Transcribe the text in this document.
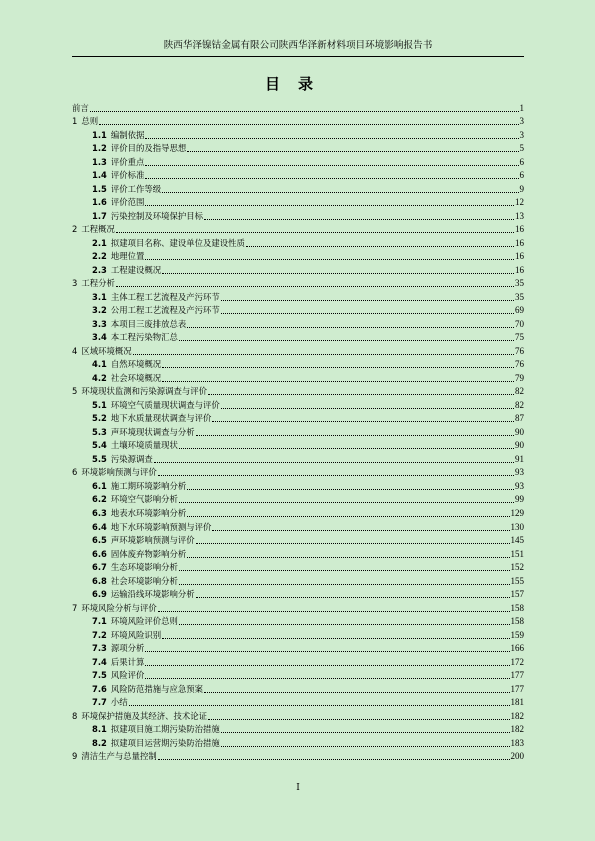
陕西华泽镍钴金属有限公司陕西华泽新材料项目环境影响报告书
目录
前言	1
1 总则	3
1.1 编制依据	3
1.2 评价目的及指导思想	5
1.3 评价重点	6
1.4 评价标准	6
1.5 评价工作等级	9
1.6 评价范围	12
1.7 污染控制及环境保护目标	13
2 工程概况	16
2.1 拟建项目名称、建设单位及建设性质	16
2.2 地理位置	16
2.3 工程建设概况	16
3 工程分析	35
3.1 主体工程工艺流程及产污环节	35
3.2 公用工程工艺流程及产污环节	69
3.3 本项目三废排放总表	70
3.4 本工程污染物汇总	75
4 区域环境概况	76
4.1 自然环境概况	76
4.2 社会环境概况	79
5 环境现状监测和污染源调查与评价	82
5.1 环境空气质量现状调查与评价	82
5.2 地下水质量现状调查与评价	87
5.3 声环境现状调查与分析	90
5.4 土壤环境质量现状	90
5.5 污染源调查	91
6 环境影响预测与评价	93
6.1 施工期环境影响分析	93
6.2 环境空气影响分析	99
6.3 地表水环境影响分析	129
6.4 地下水环境影响预测与评价	130
6.5 声环境影响预测与评价	145
6.6 固体废弃物影响分析	151
6.7 生态环境影响分析	152
6.8 社会环境影响分析	155
6.9 运输沿线环境影响分析	157
7 环境风险分析与评价	158
7.1 环境风险评价总则	158
7.2 环境风险识别	159
7.3 源项分析	166
7.4 后果计算	172
7.5 风险评价	177
7.6 风险防范措施与应急预案	177
7.7 小结	181
8 环境保护措施及其经济、技术论证	182
8.1 拟建项目施工期污染防治措施	182
8.2 拟建项目运营期污染防治措施	183
9 清洁生产与总量控制	200
I
